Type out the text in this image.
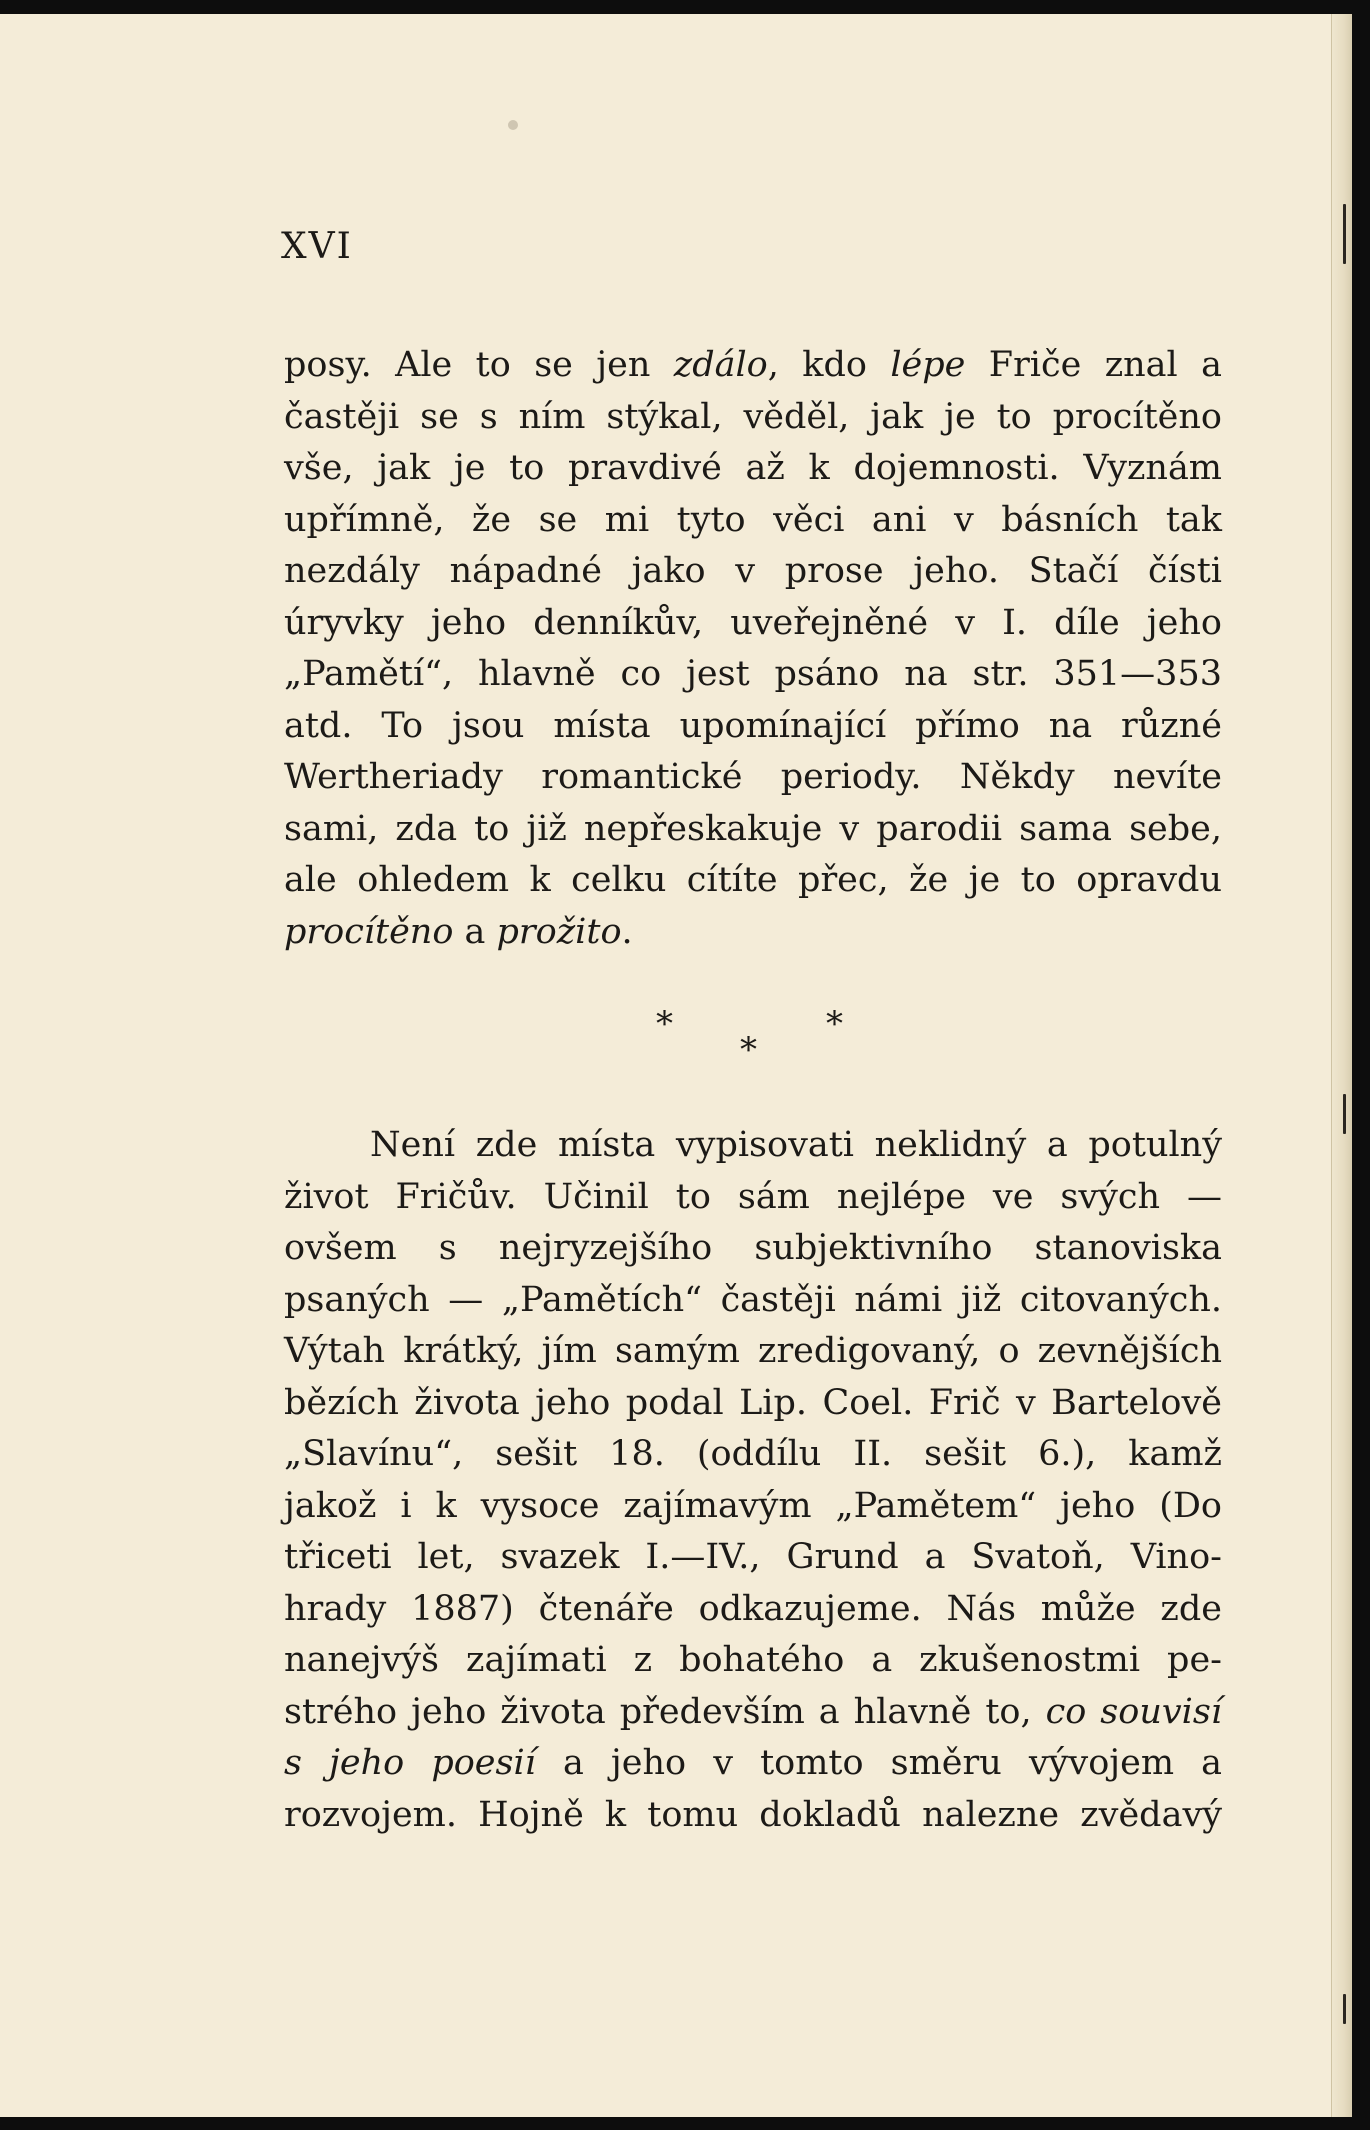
XVI
posy. Ale to se jen zdálo, kdo lépe Friče znal a
častěji se s ním stýkal, věděl, jak je to procítěno
vše, jak je to pravdivé až k dojemnosti. Vyznám
upřímně, že se mi tyto věci ani v básních tak
nezdály nápadné jako v prose jeho. Stačí čísti
úryvky jeho denníkův, uveřejněné v I. díle jeho
„Pamětí“, hlavně co jest psáno na str. 351—353
atd. To jsou místa upomínající přímo na různé
Wertheriady romantické periody. Někdy nevíte
sami, zda to již nepřeskakuje v parodii sama sebe,
ale ohledem k celku cítíte přec, že je to opravdu
procítěno a prožito.
*	*
*
Není zde místa vypisovati neklidný a potulný
život Fričův. Učinil to sám nejlépe ve svých —
ovšem s nejryzejšího subjektivního stanoviska
psaných — „Pamětích“ častěji námi již citovaných.
Výtah krátký, jím samým zredigovaný, o zevnějších
bězích života jeho podal Lip. Coel. Frič v Bartelově
„Slavínu“, sešit 18. (oddílu II. sešit 6.), kamž
jakož i k vysoce zajímavým „Pamětem“ jeho (Do
třiceti let, svazek I.—IV., Grund a Svatoň, Vino-
hrady 1887) čtenáře odkazujeme. Nás může zde
nanejvýš zajímati z bohatého a zkušenostmi pe-
strého jeho života především a hlavně to, co souvisí
s jeho poesií a jeho v tomto směru vývojem a
rozvojem. Hojně k tomu dokladů nalezne zvědavý
